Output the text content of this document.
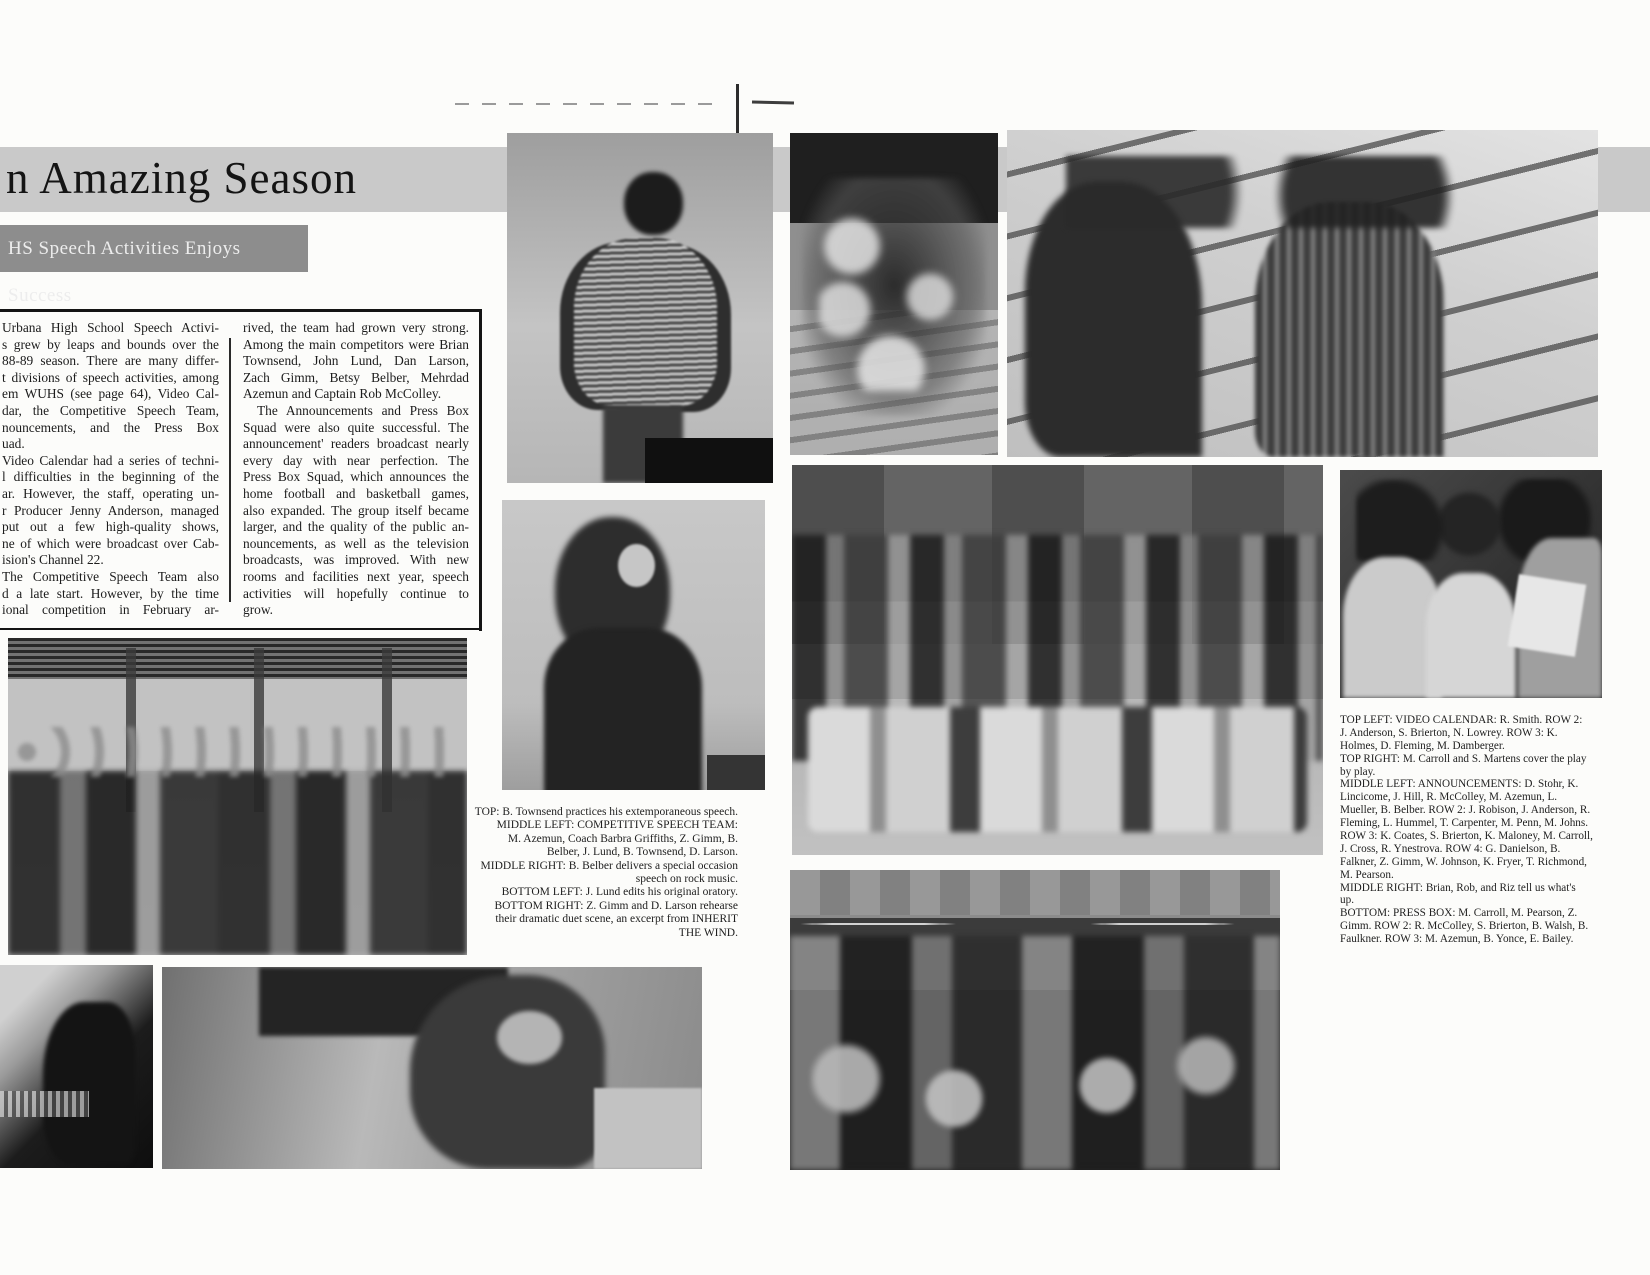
n Amazing Season
HS Speech Activities Enjoys Success
Urbana High School Speech Activi-
s grew by leaps and bounds over the
88-89 season. There are many differ-
t divisions of speech activities, among
em WUHS (see page 64), Video Cal-
dar, the Competitive Speech Team,
nouncements, and the Press Box
uad.
Video Calendar had a series of techni-
l difficulties in the beginning of the
ar. However, the staff, operating un-
r Producer Jenny Anderson, managed
put out a few high-quality shows,
ne of which were broadcast over Cab-
ision's Channel 22.
The Competitive Speech Team also
d a late start. However, by the time
ional competition in February ar-
rived, the team had grown very strong.
Among the main competitors were Brian
Townsend, John Lund, Dan Larson,
Zach Gimm, Betsy Belber, Mehrdad
Azemun and Captain Rob McColley.
The Announcements and Press Box
Squad were also quite successful. The
announcement' readers broadcast nearly
every day with near perfection. The
Press Box Squad, which announces the
home football and basketball games,
also expanded. The group itself became
larger, and the quality of the public an-
nouncements, as well as the television
broadcasts, was improved. With new
rooms and facilities next year, speech
activities will hopefully continue to
grow.
TOP: B. Townsend practices his extemporaneous speech.
MIDDLE LEFT: COMPETITIVE SPEECH TEAM:
M. Azemun, Coach Barbra Griffiths, Z. Gimm, B.
Belber, J. Lund, B. Townsend, D. Larson.
MIDDLE RIGHT: B. Belber delivers a special occasion
speech on rock music.
BOTTOM LEFT: J. Lund edits his original oratory.
BOTTOM RIGHT: Z. Gimm and D. Larson rehearse
their dramatic duet scene, an excerpt from INHERIT
THE WIND.
TOP LEFT: VIDEO CALENDAR: R. Smith. ROW 2:
J. Anderson, S. Brierton, N. Lowrey. ROW 3: K.
Holmes, D. Fleming, M. Damberger.
TOP RIGHT: M. Carroll and S. Martens cover the play
by play.
MIDDLE LEFT: ANNOUNCEMENTS: D. Stohr, K.
Lincicome, J. Hill, R. McColley, M. Azemun, L.
Mueller, B. Belber. ROW 2: J. Robison, J. Anderson, R.
Fleming, L. Hummel, T. Carpenter, M. Penn, M. Johns.
ROW 3: K. Coates, S. Brierton, K. Maloney, M. Carroll,
J. Cross, R. Ynestrova. ROW 4: G. Danielson, B.
Falkner, Z. Gimm, W. Johnson, K. Fryer, T. Richmond,
M. Pearson.
MIDDLE RIGHT: Brian, Rob, and Riz tell us what's
up.
BOTTOM: PRESS BOX: M. Carroll, M. Pearson, Z.
Gimm. ROW 2: R. McColley, S. Brierton, B. Walsh, B.
Faulkner. ROW 3: M. Azemun, B. Yonce, E. Bailey.
